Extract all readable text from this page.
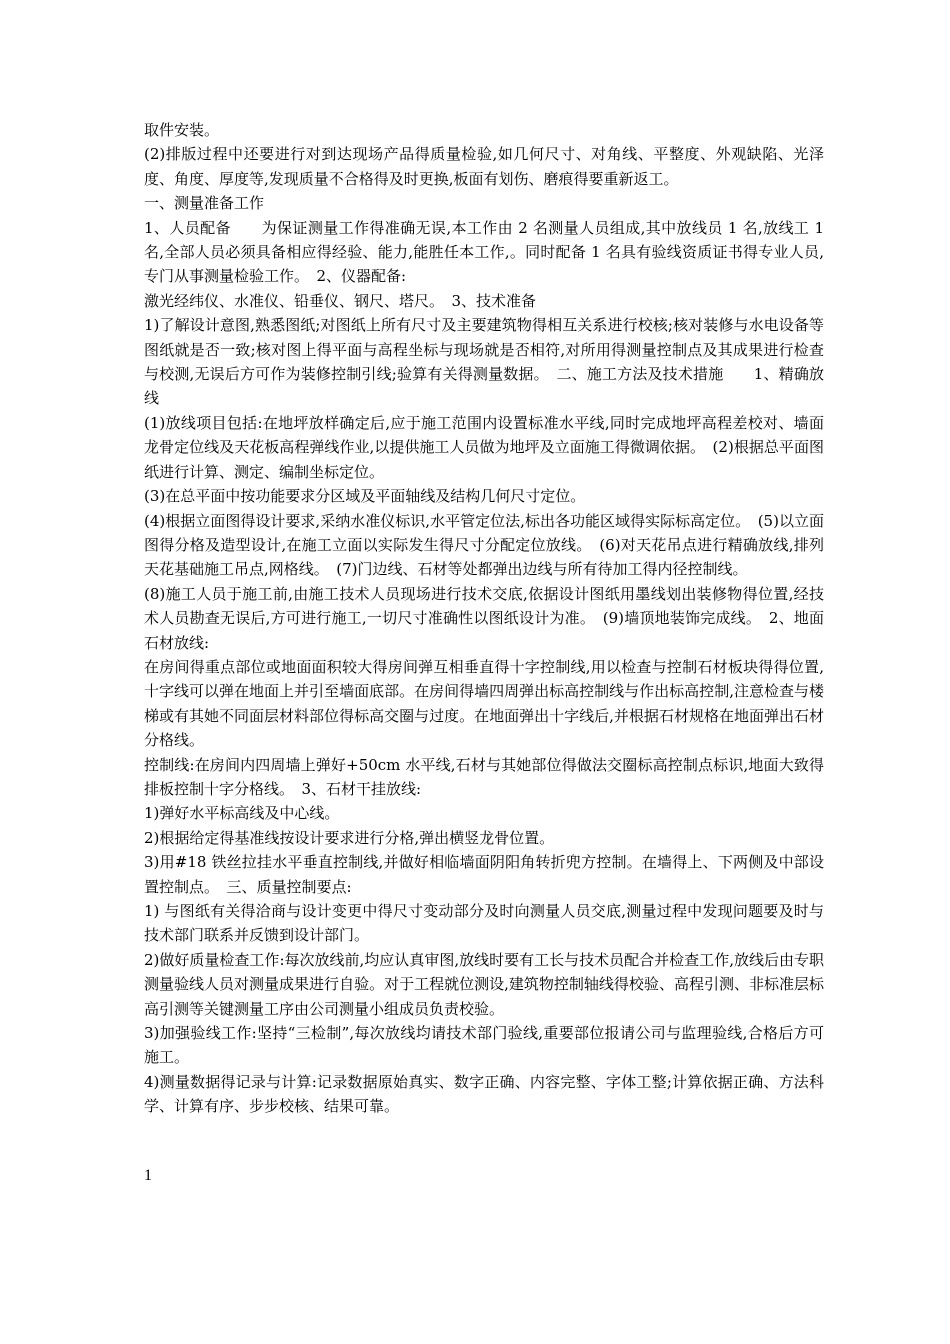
取件安装。

(2)排版过程中还要进行对到达现场产品得质量检验,如几何尺寸、对角线、平整度、外观缺陷、光泽度、角度、厚度等,发现质量不合格得及时更换,板面有划伤、磨痕得要重新返工。

一、测量准备工作

1、人员配备　　为保证测量工作得准确无误,本工作由 2 名测量人员组成,其中放线员 1 名,放线工 1 名,全部人员必须具备相应得经验、能力,能胜任本工作,。同时配备 1 名具有验线资质证书得专业人员,专门从事测量检验工作。　2、仪器配备:

激光经纬仪、水准仪、铅垂仪、钢尺、塔尺。　3、技术准备

1)了解设计意图,熟悉图纸;对图纸上所有尺寸及主要建筑物得相互关系进行校核;核对装修与水电设备等图纸就是否一致;核对图上得平面与高程坐标与现场就是否相符,对所用得测量控制点及其成果进行检查与校测,无误后方可作为装修控制引线;验算有关得测量数据。　二、施工方法及技术措施　　1、精确放线

(1)放线项目包括:在地坪放样确定后,应于施工范围内设置标准水平线,同时完成地坪高程差校对、墙面龙骨定位线及天花板高程弹线作业,以提供施工人员做为地坪及立面施工得微调依据。　(2)根据总平面图纸进行计算、测定、编制坐标定位。

(3)在总平面中按功能要求分区域及平面轴线及结构几何尺寸定位。

(4)根据立面图得设计要求,采纳水准仪标识,水平管定位法,标出各功能区域得实际标高定位。　(5)以立面图得分格及造型设计,在施工立面以实际发生得尺寸分配定位放线。　(6)对天花吊点进行精确放线,排列天花基础施工吊点,网格线。　(7)门边线、石材等处都弹出边线与所有待加工得内径控制线。

(8)施工人员于施工前,由施工技术人员现场进行技术交底,依据设计图纸用墨线划出装修物得位置,经技术人员勘查无误后,方可进行施工,一切尺寸准确性以图纸设计为准。　(9)墙顶地装饰完成线。　2、地面石材放线:

在房间得重点部位或地面面积较大得房间弹互相垂直得十字控制线,用以检查与控制石材板块得得位置,十字线可以弹在地面上并引至墙面底部。在房间得墙四周弹出标高控制线与作出标高控制,注意检查与楼梯或有其她不同面层材料部位得标高交圈与过度。在地面弹出十字线后,并根据石材规格在地面弹出石材分格线。

控制线:在房间内四周墙上弹好+50cm 水平线,石材与其她部位得做法交圈标高控制点标识,地面大致得排板控制十字分格线。　3、石材干挂放线:

1)弹好水平标高线及中心线。

2)根据给定得基准线按设计要求进行分格,弹出横竖龙骨位置。

3)用#18 铁丝拉挂水平垂直控制线,并做好相临墙面阴阳角转折兜方控制。在墙得上、下两侧及中部设置控制点。　三、质量控制要点:

1) 与图纸有关得洽商与设计变更中得尺寸变动部分及时向测量人员交底,测量过程中发现问题要及时与技术部门联系并反馈到设计部门。

2)做好质量检查工作:每次放线前,均应认真审图,放线时要有工长与技术员配合并检查工作,放线后由专职测量验线人员对测量成果进行自验。对于工程就位测设,建筑物控制轴线得校验、高程引测、非标准层标高引测等关键测量工序由公司测量小组成员负责校验。

3)加强验线工作:坚持“三检制”,每次放线均请技术部门验线,重要部位报请公司与监理验线,合格后方可施工。

4)测量数据得记录与计算:记录数据原始真实、数字正确、内容完整、字体工整;计算依据正确、方法科学、计算有序、步步校核、结果可靠。

1
